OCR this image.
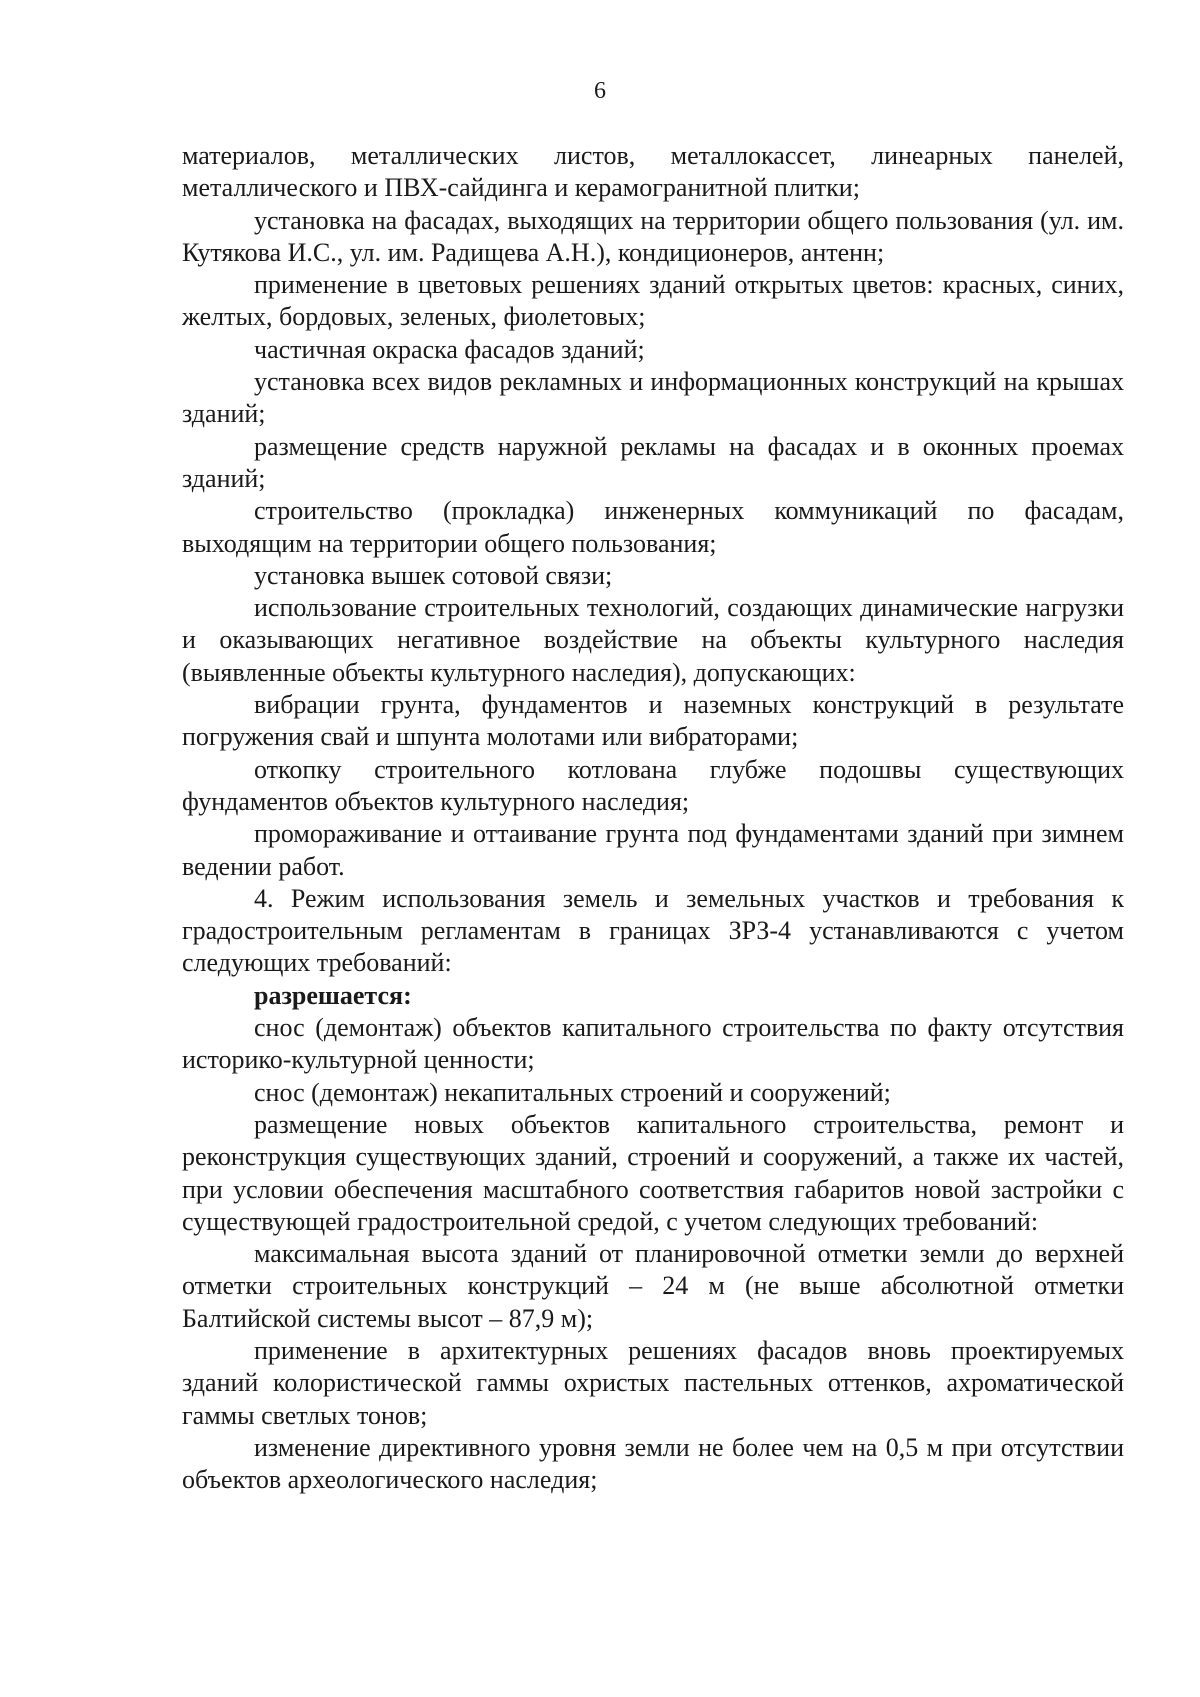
6

материалов, металлических листов, металлокассет, линеарных панелей, металлического и ПВХ-сайдинга и керамогранитной плитки;

установка на фасадах, выходящих на территории общего пользования (ул. им. Кутякова И.С., ул. им. Радищева А.Н.), кондиционеров, антенн;

применение в цветовых решениях зданий открытых цветов: красных, синих, желтых, бордовых, зеленых, фиолетовых;

частичная окраска фасадов зданий;

установка всех видов рекламных и информационных конструкций на крышах зданий;

размещение средств наружной рекламы на фасадах и в оконных проемах зданий;

строительство (прокладка) инженерных коммуникаций по фасадам, выходящим на территории общего пользования;

установка вышек сотовой связи;

использование строительных технологий, создающих динамические нагрузки и оказывающих негативное воздействие на объекты культурного наследия (выявленные объекты культурного наследия), допускающих:

вибрации грунта, фундаментов и наземных конструкций в результате погружения свай и шпунта молотами или вибраторами;

откопку строительного котлована глубже подошвы существующих фундаментов объектов культурного наследия;

промораживание и оттаивание грунта под фундаментами зданий при зимнем ведении работ.

4. Режим использования земель и земельных участков и требования к градостроительным регламентам в границах ЗРЗ-4 устанавливаются с учетом следующих требований:

разрешается:

снос (демонтаж) объектов капитального строительства по факту отсутствия историко-культурной ценности;

снос (демонтаж) некапитальных строений и сооружений;

размещение новых объектов капитального строительства, ремонт и реконструкция существующих зданий, строений и сооружений, а также их частей, при условии обеспечения масштабного соответствия габаритов новой застройки с существующей градостроительной средой, с учетом следующих требований:

максимальная высота зданий от планировочной отметки земли до верхней отметки строительных конструкций – 24 м (не выше абсолютной отметки Балтийской системы высот – 87,9 м);

применение в архитектурных решениях фасадов вновь проектируемых зданий колористической гаммы охристых пастельных оттенков, ахроматической гаммы светлых тонов;

изменение директивного уровня земли не более чем на 0,5 м при отсутствии объектов археологического наследия;
